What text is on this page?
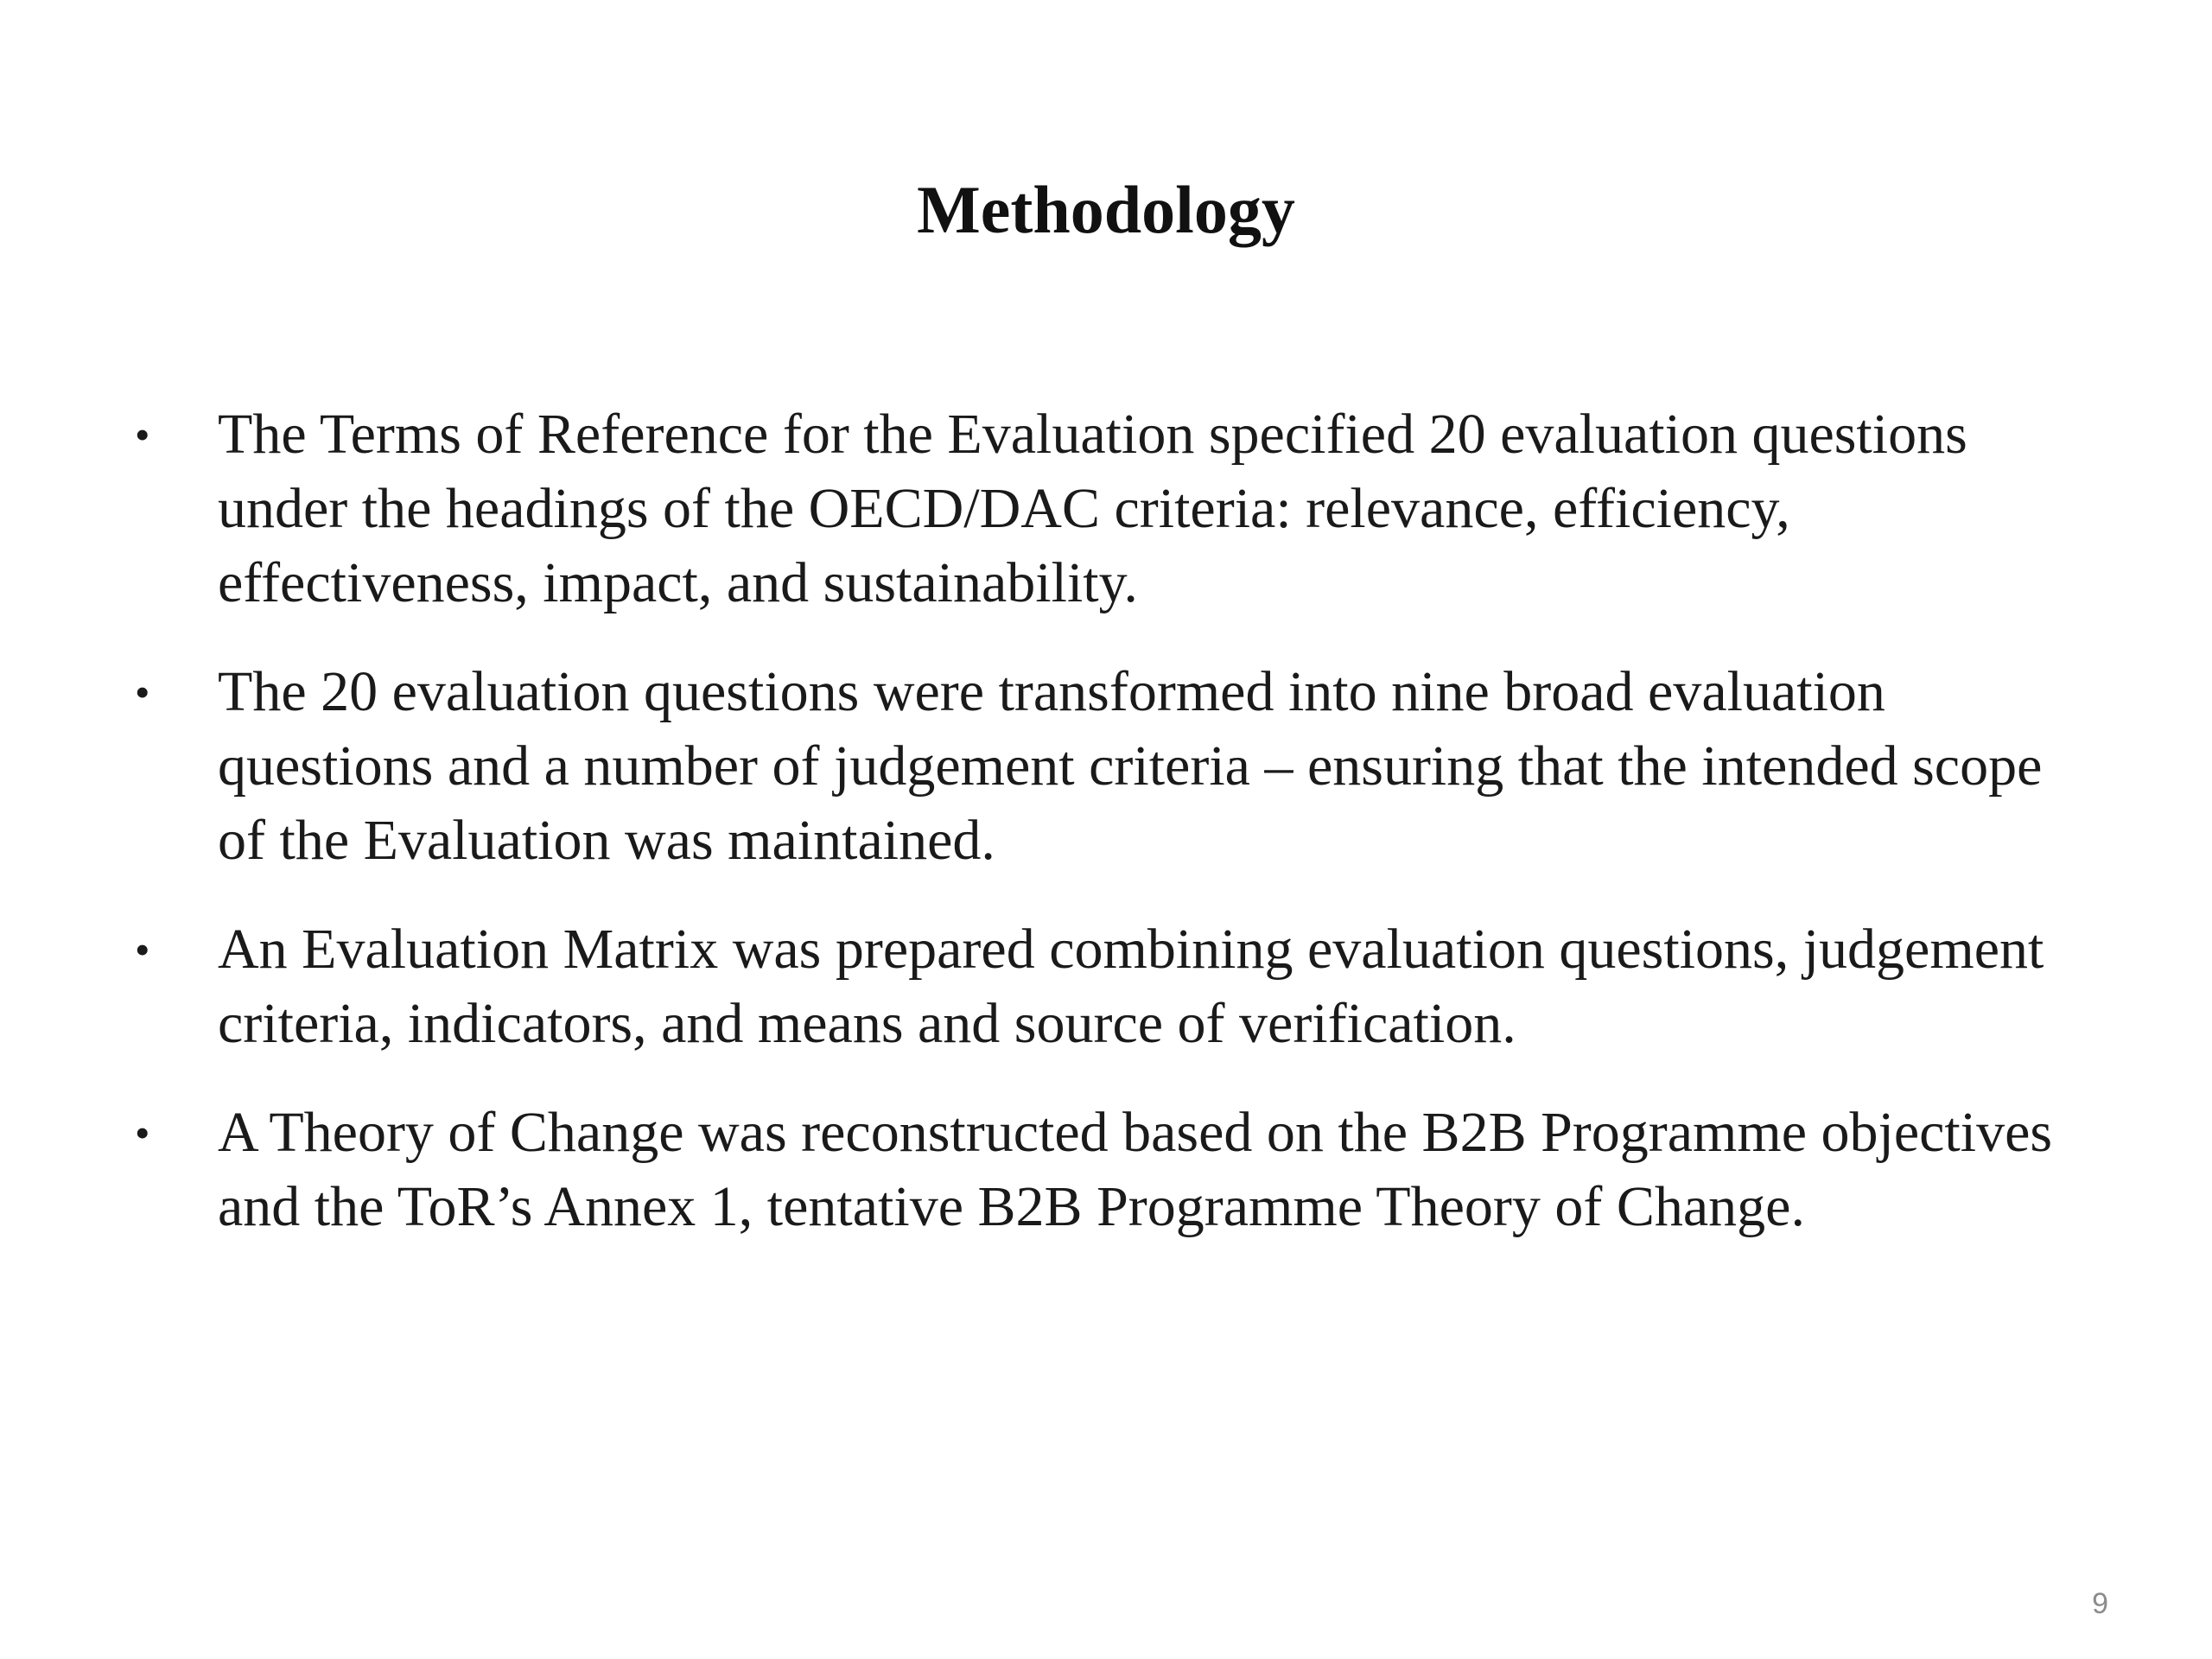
Methodology
•	The Terms of Reference for the Evaluation specified 20 evaluation questions under the headings of the OECD/DAC criteria: relevance, efficiency, effectiveness, impact, and sustainability.
•	The 20 evaluation questions were transformed into nine broad evaluation questions and a number of judgement criteria – ensuring that the intended scope of the Evaluation was maintained.
•	An Evaluation Matrix was prepared combining evaluation questions, judgement criteria, indicators, and means and source of verification.
•	A Theory of Change was reconstructed based on the B2B Programme objectives and the ToR’s Annex 1, tentative B2B Programme Theory of Change.
9
